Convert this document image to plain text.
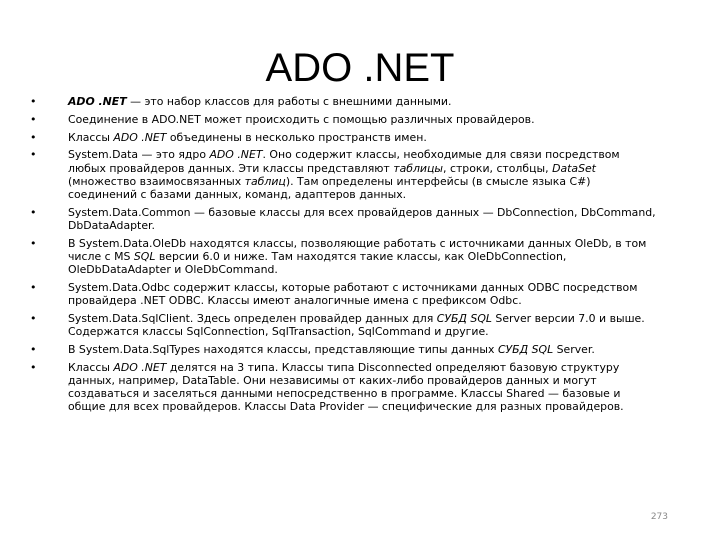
ADO .NET
•	ADO .NET — это набор классов для работы с внешними данными.
•	Соединение в ADO.NET может происходить с помощью различных провайдеров.
•	Классы ADO .NET объединены в несколько пространств имен.
•	System.Data — это ядро ADO .NET. Оно содержит классы, необходимые для связи посредством любых провайдеров данных. Эти классы представляют таблицы, строки, столбцы, DataSet (множество взаимосвязанных таблиц). Там определены интерфейсы (в смысле языка C#) соединений с базами данных, команд, адаптеров данных.
•	System.Data.Common — базовые классы для всех провайдеров данных — DbConnection, DbCommand, DbDataAdapter.
•	В System.Data.OleDb находятся классы, позволяющие работать с источниками данных OleDb, в том числе с MS SQL версии 6.0 и ниже. Там находятся такие классы, как OleDbConnection, OleDbDataAdapter и OleDbCommand.
•	System.Data.Odbc содержит классы, которые работают с источниками данных ODBC посредством провайдера .NET ODBC. Классы имеют аналогичные имена с префиксом Odbc.
•	System.Data.SqlClient. Здесь определен провайдер данных для СУБД SQL Server версии 7.0 и выше. Содержатся классы SqlConnection, SqlTransaction, SqlCommand и другие.
•	В System.Data.SqlTypes находятся классы, представляющие типы данных СУБД SQL Server.
•	Классы ADO .NET делятся на 3 типа. Классы типа Disconnected определяют базовую структуру данных, например, DataTable. Они независимы от каких-либо провайдеров данных и могут создаваться и заселяться данными непосредственно в программе. Классы Shared — базовые и общие для всех провайдеров. Классы Data Provider — специфические для разных провайдеров.
273
